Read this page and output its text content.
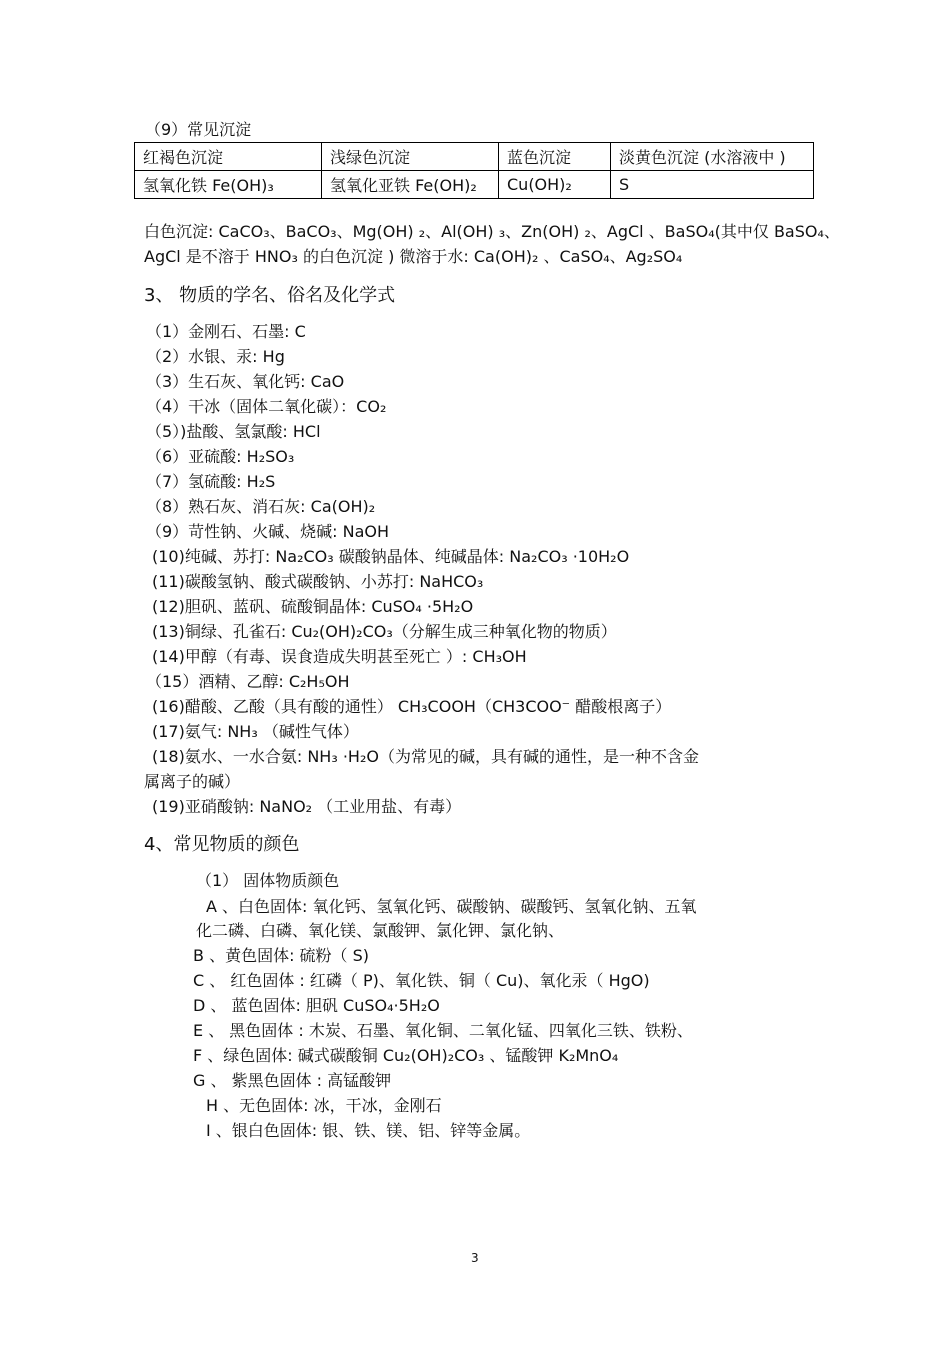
（9）常见沉淀
红褐色沉淀	浅绿色沉淀	蓝色沉淀	淡黄色沉淀 (水溶液中 )
氢氧化铁 Fe(OH)₃	氢氧化亚铁 Fe(OH)₂	Cu(OH)₂	S
白色沉淀: CaCO₃、BaCO₃、Mg(OH) ₂、Al(OH) ₃、Zn(OH) ₂、AgCl 、BaSO₄(其中仅 BaSO₄、
AgCl 是不溶于 HNO₃ 的白色沉淀 ) 微溶于水: Ca(OH)₂ 、CaSO₄、Ag₂SO₄
3、 物质的学名、俗名及化学式
（1）金刚石、石墨: C
（2）水银、汞: Hg
（3）生石灰、氧化钙: CaO
（4）干冰（固体二氧化碳）：CO₂
（5）)盐酸、氢氯酸: HCl
（6）亚硫酸: H₂SO₃
（7）氢硫酸: H₂S
（8）熟石灰、消石灰: Ca(OH)₂
（9）苛性钠、火碱、烧碱: NaOH
(10)纯碱、苏打: Na₂CO₃ 碳酸钠晶体、纯碱晶体: Na₂CO₃ ·10H₂O
(11)碳酸氢钠、酸式碳酸钠、小苏打: NaHCO₃
(12)胆矾、蓝矾、硫酸铜晶体: CuSO₄ ·5H₂O
(13)铜绿、孔雀石: Cu₂(OH)₂CO₃（分解生成三种氧化物的物质）
(14)甲醇（有毒、误食造成失明甚至死亡 ）: CH₃OH
（15）酒精、乙醇: C₂H₅OH
(16)醋酸、乙酸（具有酸的通性） CH₃COOH（CH3COO⁻ 醋酸根离子）
(17)氨气: NH₃ （碱性气体）
(18)氨水、一水合氨: NH₃ ·H₂O（为常见的碱，具有碱的通性，是一种不含金
属离子的碱）
(19)亚硝酸钠: NaNO₂ （工业用盐、有毒）
4、常见物质的颜色
（1） 固体物质颜色
A 、白色固体: 氧化钙、氢氧化钙、碳酸钠、碳酸钙、氢氧化钠、五氧
化二磷、白磷、氧化镁、氯酸钾、氯化钾、氯化钠、
B 、黄色固体: 硫粉（ S)
C 、 红色固体 : 红磷（ P)、氧化铁、铜（ Cu)、氧化汞（ HgO)
D 、 蓝色固体: 胆矾 CuSO₄·5H₂O
E 、 黑色固体 : 木炭、石墨、氧化铜、二氧化锰、四氧化三铁、铁粉、
F 、绿色固体: 碱式碳酸铜 Cu₂(OH)₂CO₃ 、锰酸钾 K₂MnO₄
G 、 紫黑色固体 : 高锰酸钾
H 、无色固体: 冰，干冰，金刚石
I 、银白色固体: 银、铁、镁、铝、锌等金属。
3
